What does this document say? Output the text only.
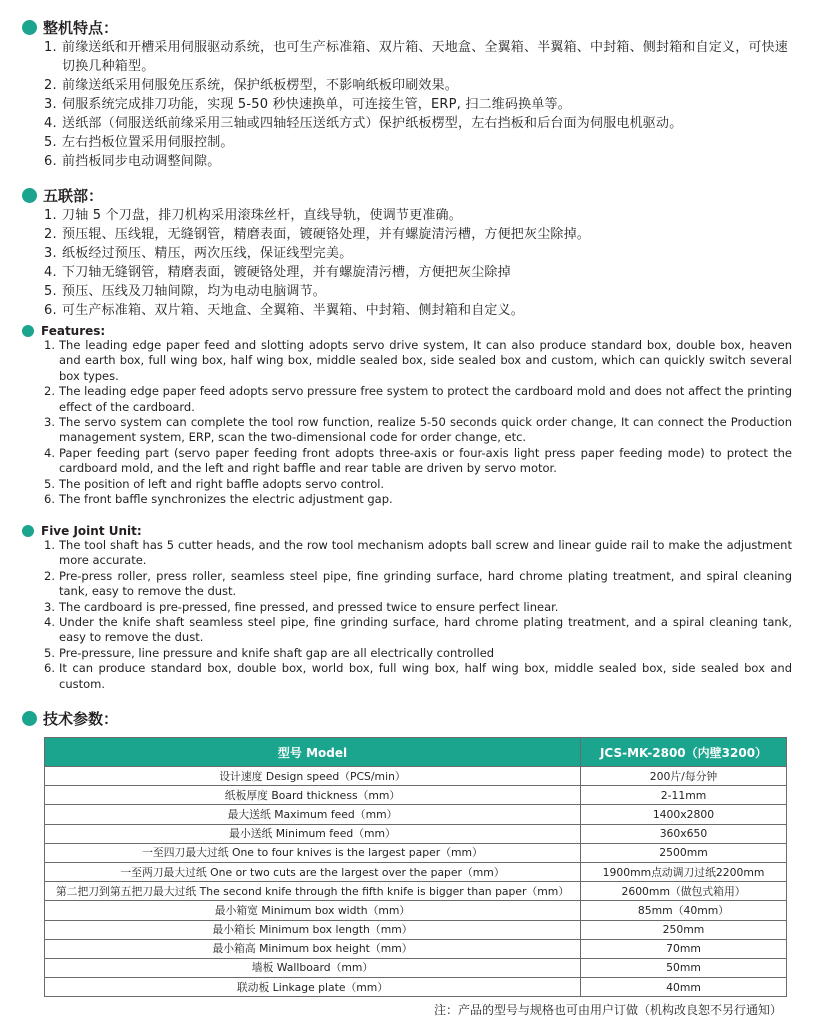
整机特点：
1. 前缘送纸和开槽采用伺服驱动系统，也可生产标准箱、双片箱、天地盒、全翼箱、半翼箱、中封箱、侧封箱和自定义，可快速切换几种箱型。
2. 前缘送纸采用伺服免压系统，保护纸板楞型，不影响纸板印刷效果。
3. 伺服系统完成排刀功能，实现 5-50 秒快速换单，可连接生管，ERP, 扫二维码换单等。
4. 送纸部（伺服送纸前缘采用三轴或四轴轻压送纸方式）保护纸板楞型，左右挡板和后台面为伺服电机驱动。
5. 左右挡板位置采用伺服控制。
6. 前挡板同步电动调整间隙。
五联部：
1. 刀轴 5 个刀盘，排刀机构采用滚珠丝杆，直线导轨，使调节更准确。
2. 预压辊、压线辊，无缝钢管，精磨表面，镀硬铬处理，并有螺旋清污槽，方便把灰尘除掉。
3. 纸板经过预压、精压，两次压线，保证线型完美。
4. 下刀轴无缝钢管，精磨表面，镀硬铬处理，并有螺旋清污槽，方便把灰尘除掉
5. 预压、压线及刀轴间隙，均为电动电脑调节。
6. 可生产标准箱、双片箱、天地盒、全翼箱、半翼箱、中封箱、侧封箱和自定义。
Features:
1. The leading edge paper feed and slotting adopts servo drive system, It can also produce standard box, double box, heaven and earth box, full wing box, half wing box, middle sealed box, side sealed box and custom, which can quickly switch several box types.
2. The leading edge paper feed adopts servo pressure free system to protect the cardboard mold and does not affect the printing effect of the cardboard.
3. The servo system can complete the tool row function, realize 5-50 seconds quick order change, It can connect the Production management system, ERP, scan the two-dimensional code for order change, etc.
4. Paper feeding part (servo paper feeding front adopts three-axis or four-axis light press paper feeding mode) to protect the cardboard mold, and the left and right baffle and rear table are driven by servo motor.
5. The position of left and right baffle adopts servo control.
6. The front baffle synchronizes the electric adjustment gap.
Five Joint Unit:
1. The tool shaft has 5 cutter heads, and the row tool mechanism adopts ball screw and linear guide rail to make the adjustment more accurate.
2. Pre-press roller, press roller, seamless steel pipe, fine grinding surface, hard chrome plating treatment, and spiral cleaning tank, easy to remove the dust.
3. The cardboard is pre-pressed, fine pressed, and pressed twice to ensure perfect linear.
4. Under the knife shaft seamless steel pipe, fine grinding surface, hard chrome plating treatment, and a spiral cleaning tank, easy to remove the dust.
5. Pre-pressure, line pressure and knife shaft gap are all electrically controlled
6. It can produce standard box, double box, world box, full wing box, half wing box, middle sealed box, side sealed box and custom.
技术参数：
型号 Model	JCS-MK-2800（内壁3200）
设计速度 Design speed（PCS/min）	200片/每分钟
纸板厚度 Board thickness（mm）	2-11mm
最大送纸 Maximum feed（mm）	1400x2800
最小送纸 Minimum feed（mm）	360x650
一至四刀最大过纸 One to four knives is the largest paper（mm）	2500mm
一至两刀最大过纸 One or two cuts are the largest over the paper（mm）	1900mm点动调刀过纸2200mm
第二把刀到第五把刀最大过纸 The second knife through the fifth knife is bigger than paper（mm）	2600mm（做包式箱用）
最小箱宽 Minimum box width（mm）	85mm（40mm）
最小箱长 Minimum box length（mm）	250mm
最小箱高 Minimum box height（mm）	70mm
墙板 Wallboard（mm）	50mm
联动板 Linkage plate（mm）	40mm
注：产品的型号与规格也可由用户订做（机构改良恕不另行通知）
